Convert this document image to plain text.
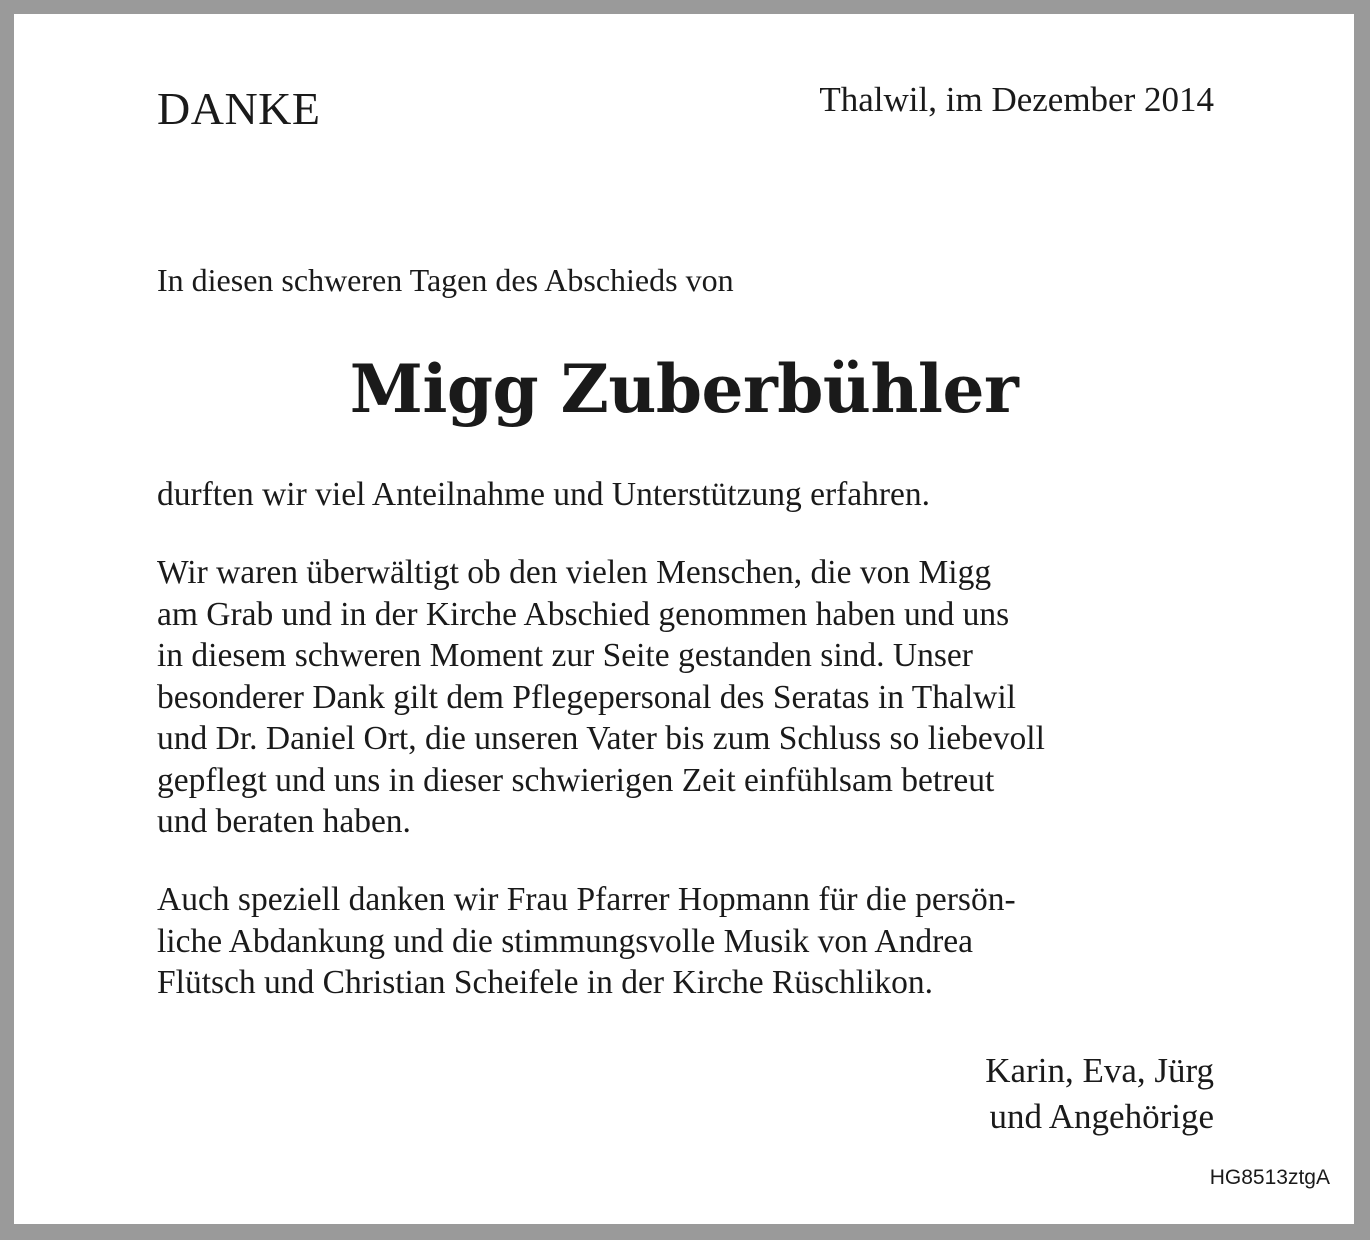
DANKE	Thalwil, im Dezember 2014

In diesen schweren Tagen des Abschieds von

Migg Zuberbühler

durften wir viel Anteilnahme und Unterstützung erfahren.

Wir waren überwältigt ob den vielen Menschen, die von Migg
am Grab und in der Kirche Abschied genommen haben und uns
in diesem schweren Moment zur Seite gestanden sind. Unser
besonderer Dank gilt dem Pflegepersonal des Seratas in Thalwil
und Dr. Daniel Ort, die unseren Vater bis zum Schluss so liebevoll
gepflegt und uns in dieser schwierigen Zeit einfühlsam betreut
und beraten haben.

Auch speziell danken wir Frau Pfarrer Hopmann für die persön-
liche Abdankung und die stimmungsvolle Musik von Andrea
Flütsch und Christian Scheifele in der Kirche Rüschlikon.

Karin, Eva, Jürg
und Angehörige
HG8513ztgA
